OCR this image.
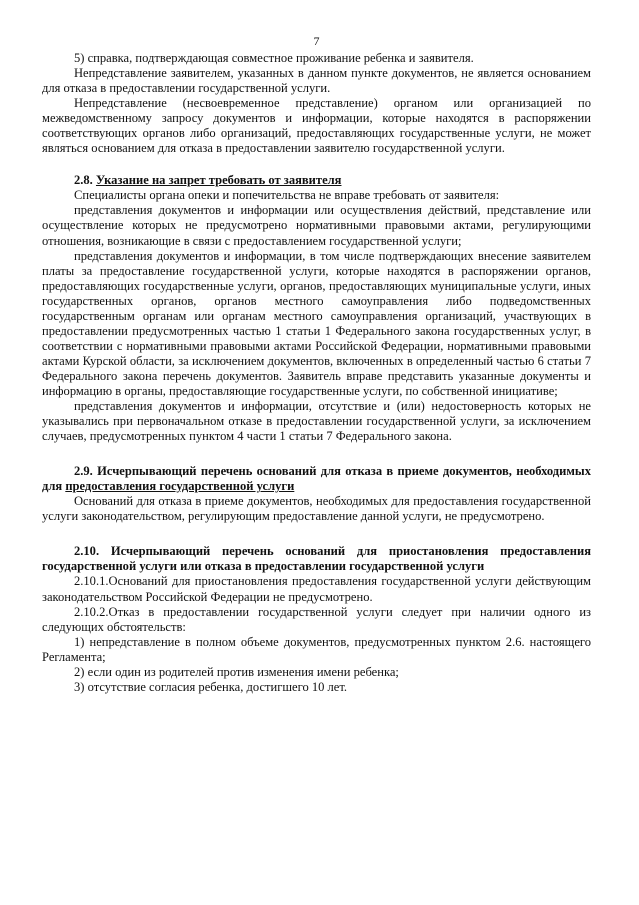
7

5) справка, подтверждающая совместное проживание ребенка и заявителя.

Непредставление заявителем, указанных в данном пункте документов, не является основанием для отказа в предоставлении государственной услуги.

Непредставление (несвоевременное представление) органом или организацией по межведомственному запросу документов и информации, которые находятся в распоряжении соответствующих органов либо организаций, предоставляющих государственные услуги, не может являться основанием для отказа в предоставлении заявителю государственной услуги.

2.8. Указание на запрет требовать от заявителя

Специалисты органа опеки и попечительства не вправе требовать от заявителя:

представления документов и информации или осуществления действий, представление или осуществление которых не предусмотрено нормативными правовыми актами, регулирующими отношения, возникающие в связи с предоставлением государственной услуги;

представления документов и информации, в том числе подтверждающих внесение заявителем платы за предоставление государственной услуги, которые находятся в распоряжении органов, предоставляющих государственные услуги, органов, предоставляющих муниципальные услуги, иных государственных органов, органов местного самоуправления либо подведомственных государственным органам или органам местного самоуправления организаций, участвующих в предоставлении предусмотренных частью 1 статьи 1 Федерального закона государственных услуг, в соответствии с нормативными правовыми актами Российской Федерации, нормативными правовыми актами Курской области, за исключением документов, включенных в определенный частью 6 статьи 7 Федерального закона перечень документов. Заявитель вправе представить указанные документы и информацию в органы, предоставляющие государственные услуги, по собственной инициативе;

представления документов и информации, отсутствие и (или) недостоверность которых не указывались при первоначальном отказе в предоставлении государственной услуги, за исключением случаев, предусмотренных пунктом 4 части 1 статьи 7 Федерального закона.

2.9. Исчерпывающий перечень оснований для отказа в приеме документов, необходимых для предоставления государственной услуги

Оснований для отказа в приеме документов, необходимых для предоставления государственной услуги законодательством, регулирующим предоставление данной услуги, не предусмотрено.

2.10. Исчерпывающий перечень оснований для приостановления предоставления государственной услуги или отказа в предоставлении государственной услуги

2.10.1.Оснований для приостановления предоставления государственной услуги действующим законодательством Российской Федерации не предусмотрено.

2.10.2.Отказ в предоставлении государственной услуги следует при наличии одного из следующих обстоятельств:

1) непредставление в полном объеме документов, предусмотренных пунктом 2.6. настоящего Регламента;

2) если один из родителей против изменения имени ребенка;

3) отсутствие согласия ребенка, достигшего 10 лет.
